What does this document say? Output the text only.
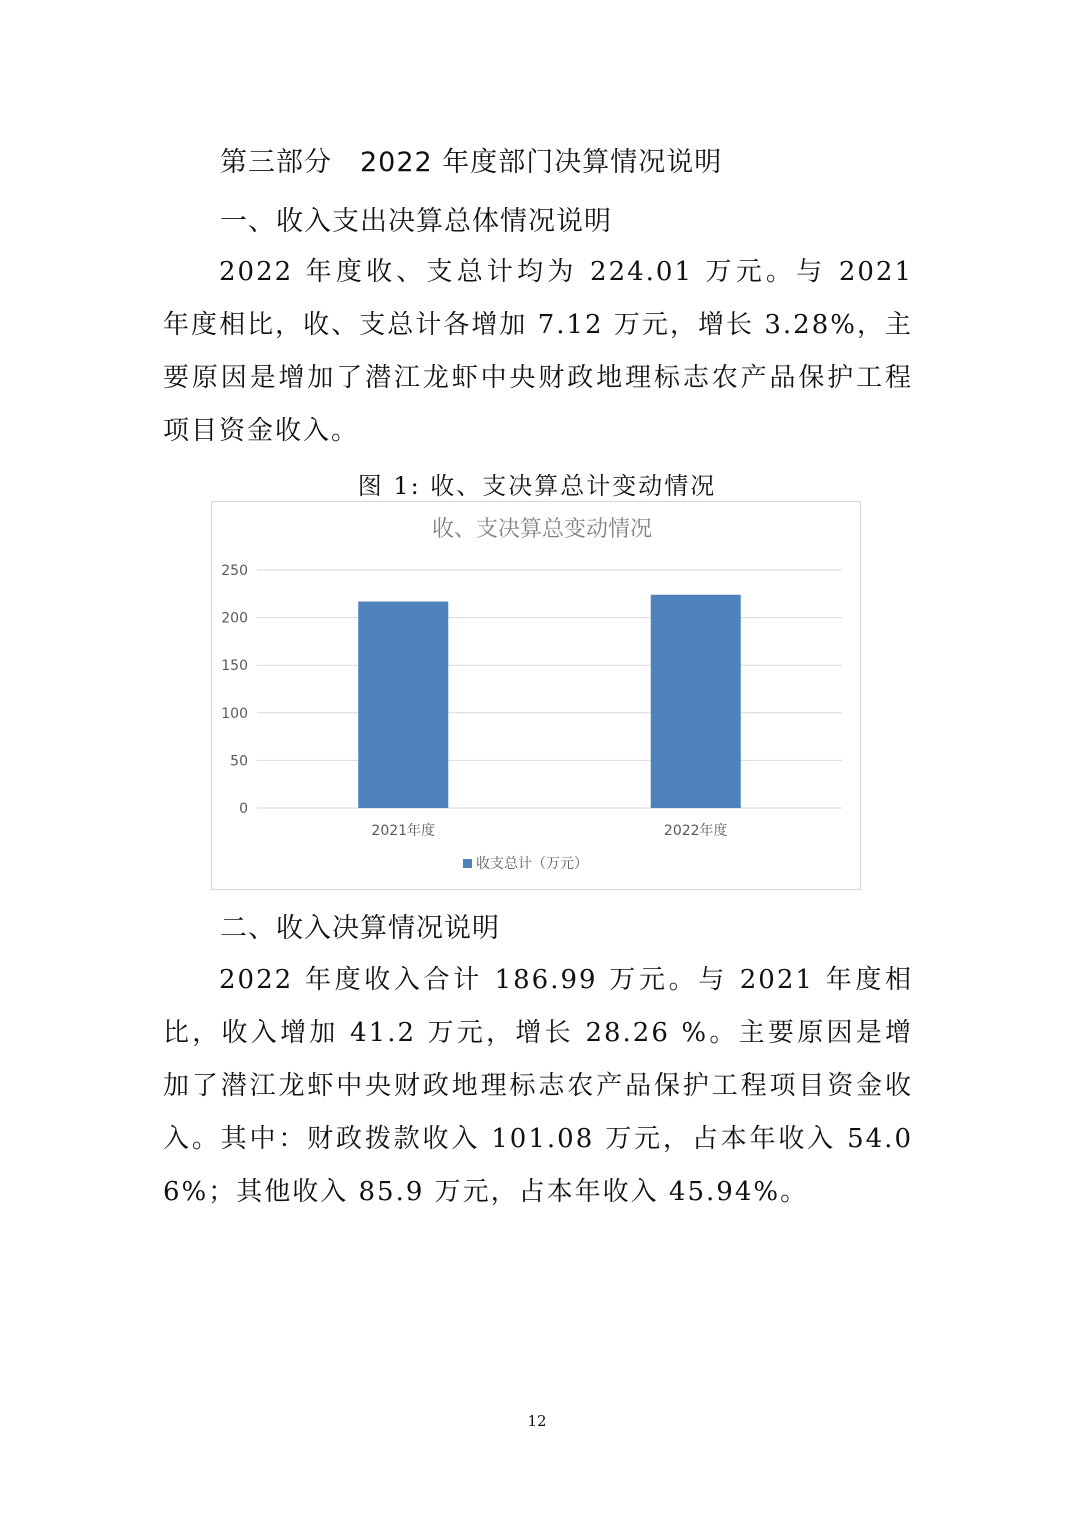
第三部分　2022 年度部门决算情况说明
一、收入支出决算总体情况说明

2022 年度收、支总计均为 224.01 万元。与 2021 年度相比，收、支总计各增加 7.12 万元，增长 3.28%，主要原因是增加了潜江龙虾中央财政地理标志农产品保护工程项目资金收入。

图 1: 收、支决算总计变动情况
收、支决算总变动情况
0
50
100
150
200
250
2021年度	2022年度
收支总计（万元）
二、收入决算情况说明

2022 年度收入合计 186.99 万元。与 2021 年度相比，收入增加 41.2 万元，增长 28.26 %。主要原因是增加了潜江龙虾中央财政地理标志农产品保护工程项目资金收入。其中：财政拨款收入 101.08 万元，占本年收入 54.06%；其他收入 85.9 万元，占本年收入 45.94%。

12
